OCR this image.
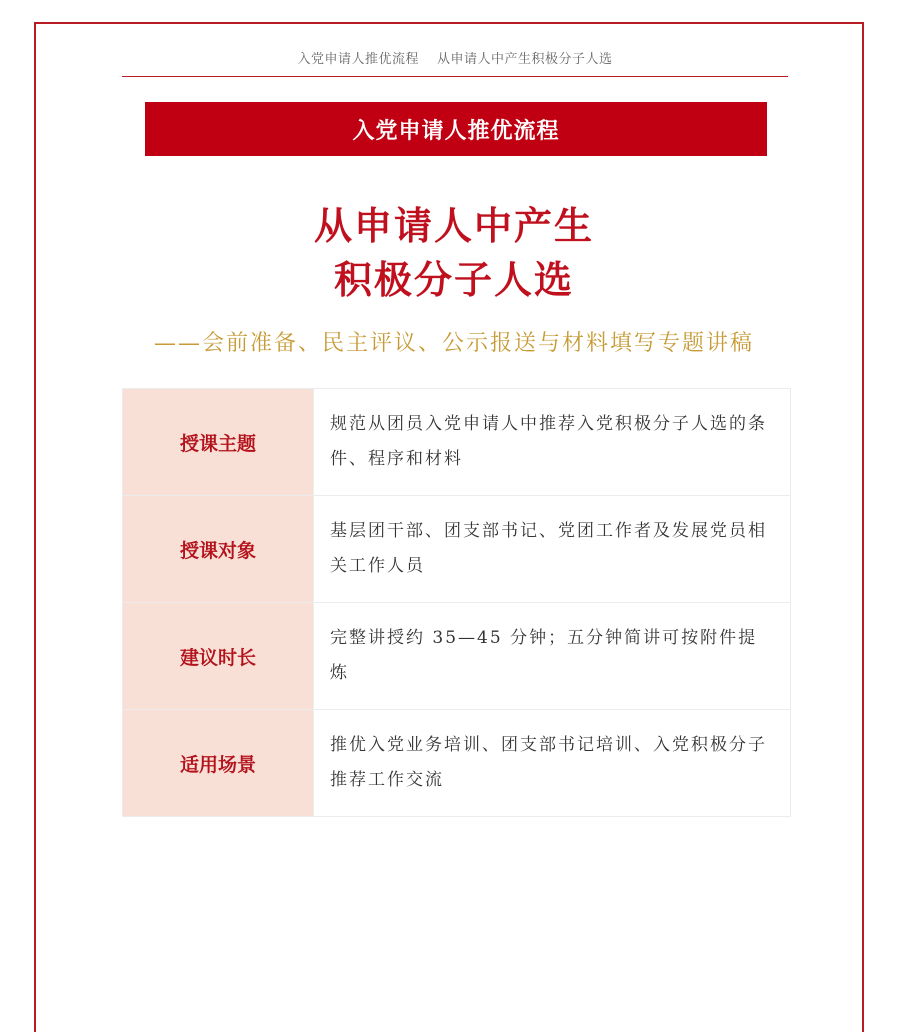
入党申请人推优流程 从申请人中产生积极分子人选
入党申请人推优流程
从申请人中产生
积极分子人选
——会前准备、民主评议、公示报送与材料填写专题讲稿
授课主题	规范从团员入党申请人中推荐入党积极分子人选的条件、程序和材料
授课对象	基层团干部、团支部书记、党团工作者及发展党员相关工作人员
建议时长	完整讲授约 35—45 分钟；五分钟简讲可按附件提炼
适用场景	推优入党业务培训、团支部书记培训、入党积极分子推荐工作交流
